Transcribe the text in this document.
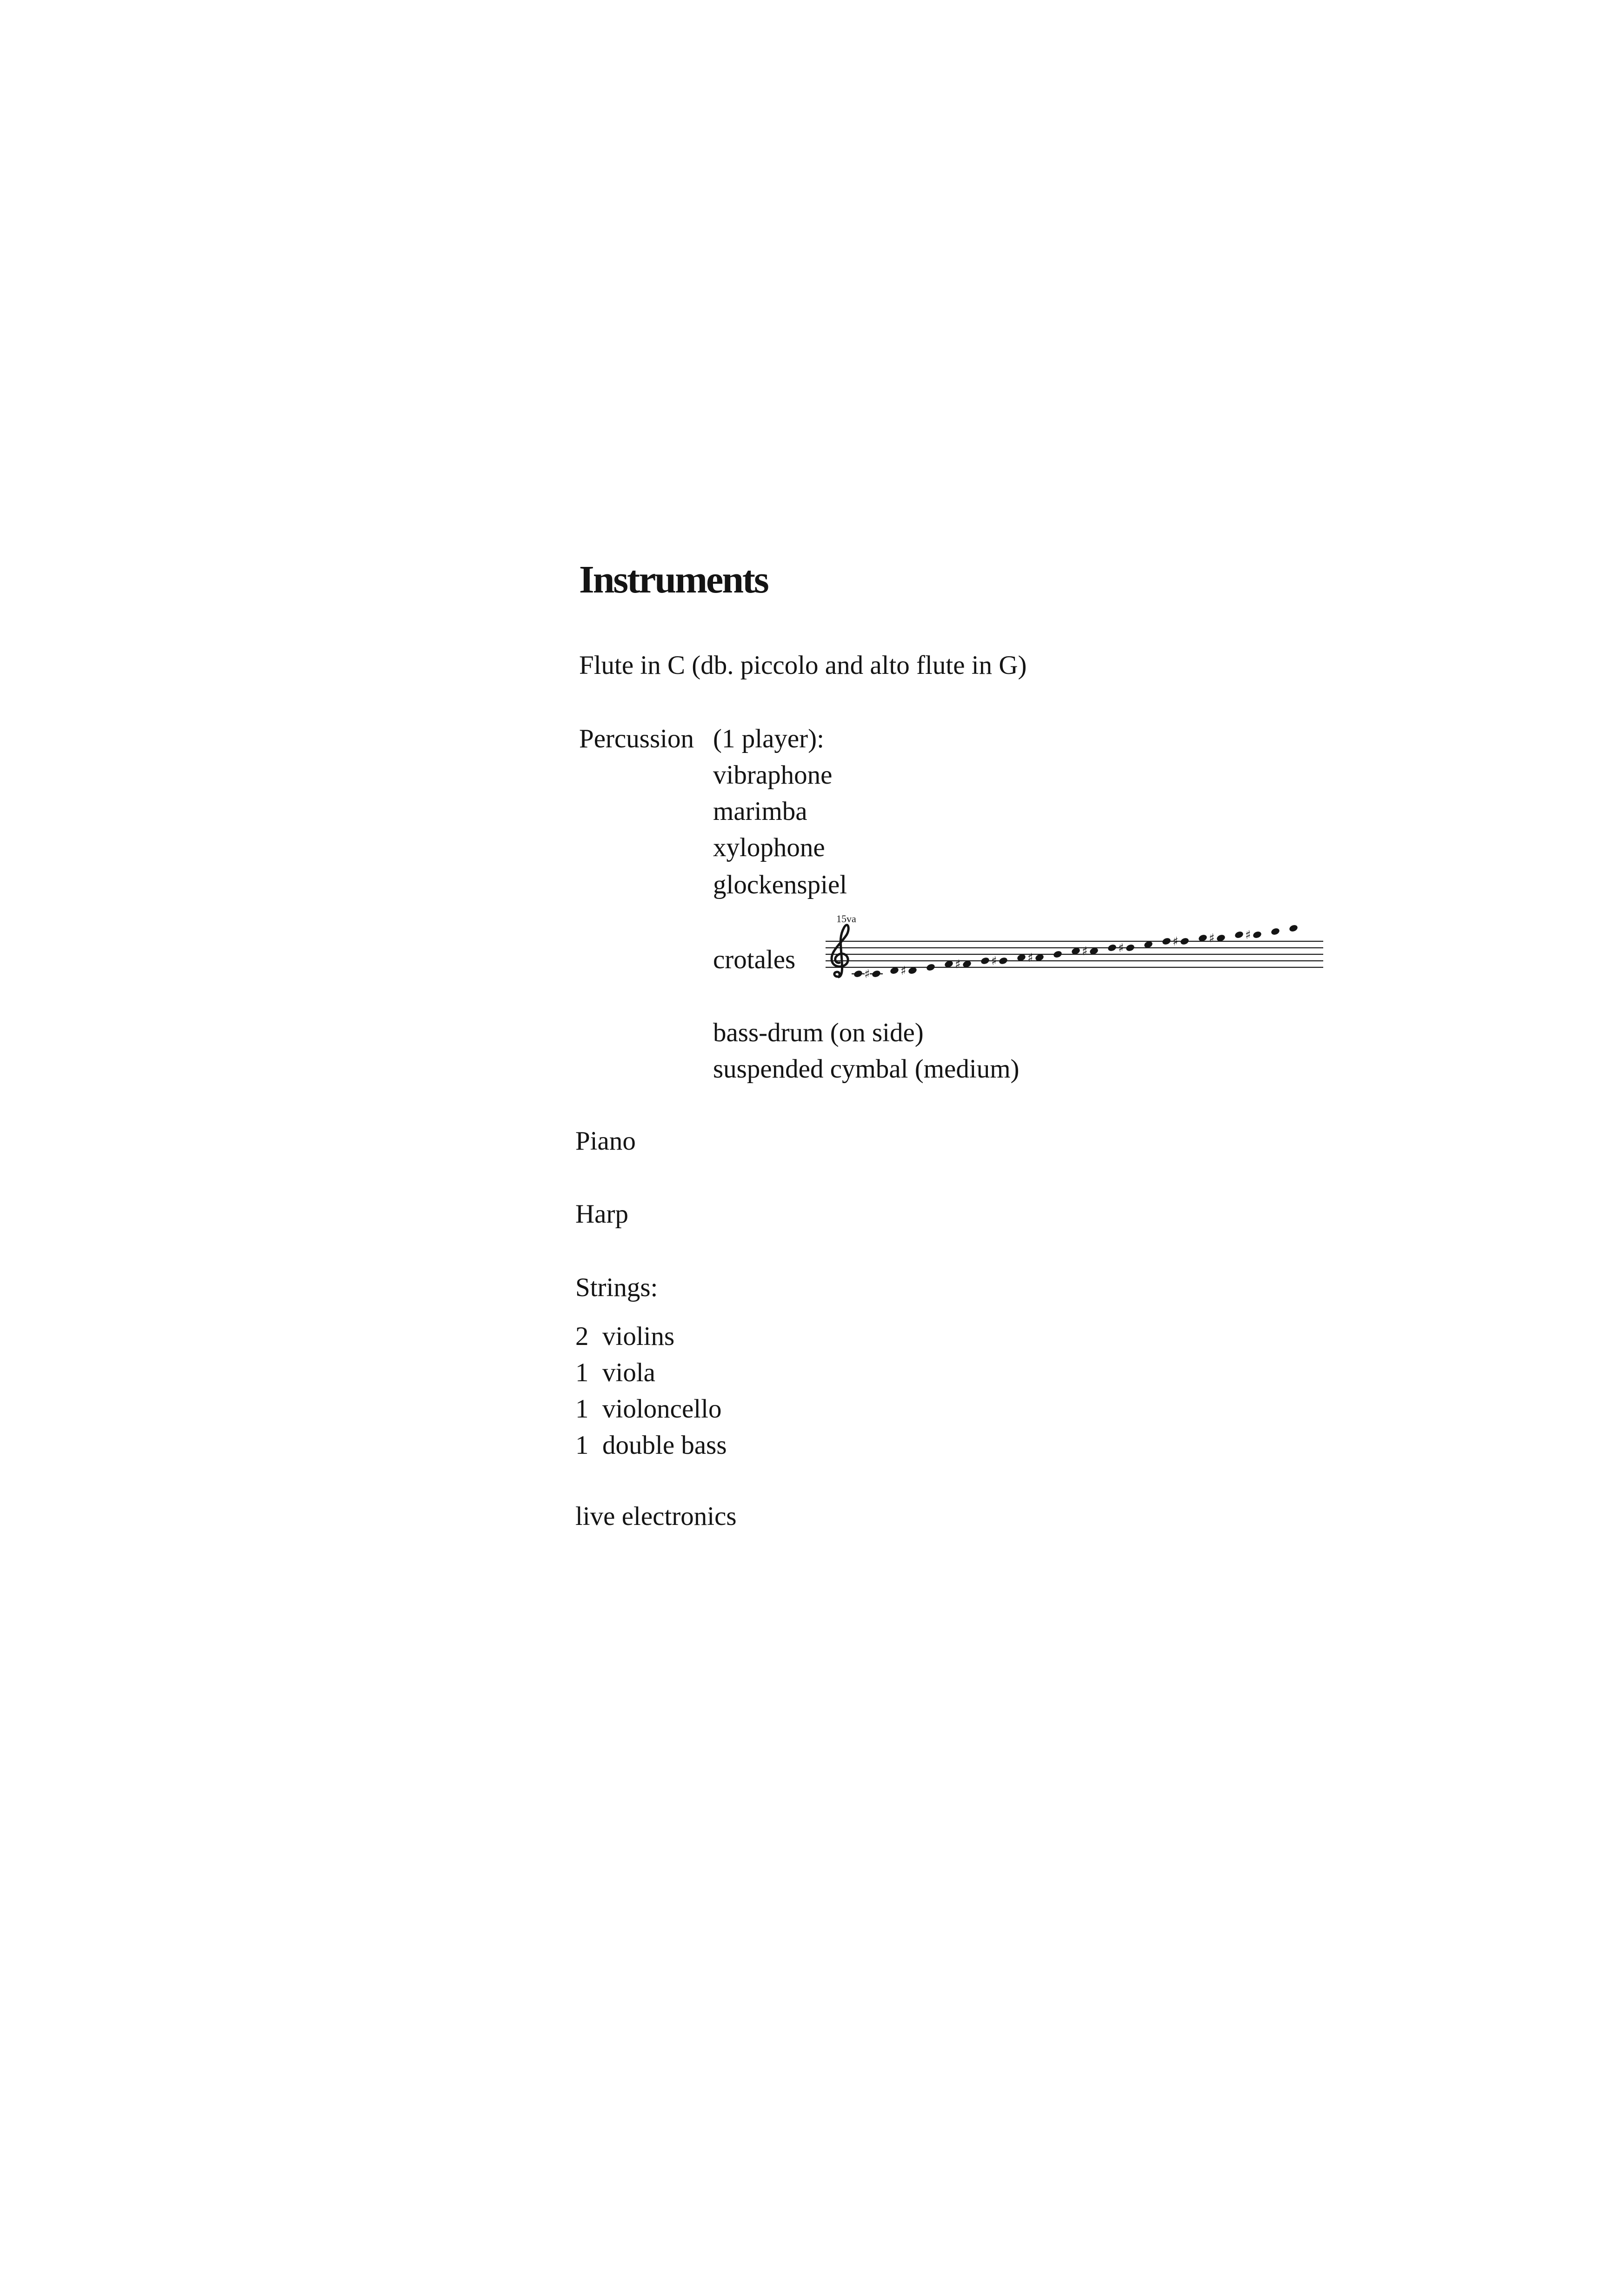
Instruments
Flute in C (db. piccolo and alto flute in G)
Percussion (1 player):
vibraphone
marimba
xylophone
glockenspiel
crotales
15va
♯	♯	♯	♯	♯	♯	♯	♯	♯	♯
bass-drum (on side)
suspended cymbal (medium)
Piano
Harp
Strings:
2 violins
1 viola
1 violoncello
1 double bass
live electronics
